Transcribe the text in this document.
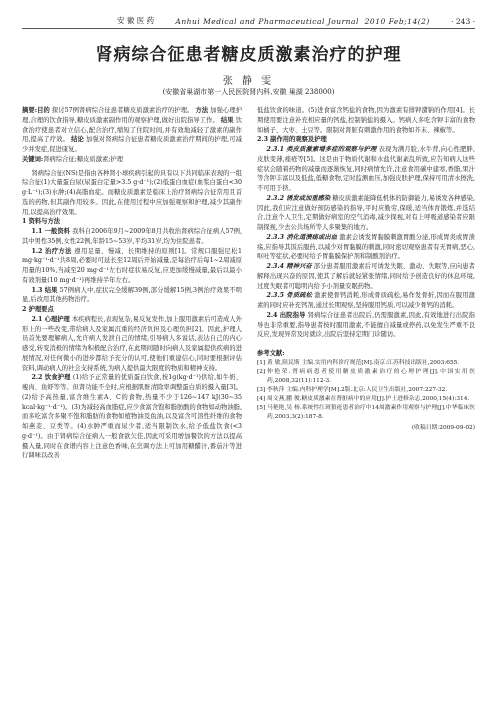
安 徽 医 药	Anhui Medical and Pharmaceutical Journal 2010 Feb;14(2)	· 243 ·
肾病综合征患者糖皮质激素治疗的护理
张 静 雯
(安徽省巢湖市第一人民医院肾内科,安徽 巢湖 238000)

摘要:目的 探讨57例肾病综合征患者糖皮质激素治疗的护理。 方法 加强心理护理,合理的饮食指导,糖皮质激素副作用的观察护理,做好出院指导工作。 结果 饮食治疗使患者对立信心,配合治疗,缩短了住院时间,并有效地减轻了激素的副作用,提高了疗效。 结论 加强对肾病综合征患者糖皮质激素治疗期间的护理,可减少并发症,促进康复。

关键词:肾病综合征;糖皮质激素;护理

肾病综合征(NS)是指由各种肾小球疾病引起的具有以下共同临床表现的一组综合征(1)大量蛋白尿(尿蛋白定量>3.5 g·d⁻¹);(2)低蛋白血症(血浆白蛋白<30 g·L⁻¹);(3)水肿;(4)高脂血症。而糖皮质激素是临床上治疗肾病综合征常用且首选的药物,但其副作用较多。因此,在使用过程中应加强观察和护理,减少其副作用,以提高治疗效果。

1 资料与方法

1.1 一般资料 我科自2006年9月~2009年8月共收治肾病综合征病人57例,其中男性35例,女性22例,年龄15~53岁,平均31岁,均为住院患者。

1.2 治疗方法 遵用足量、慢减、长期维持的原则[1]。常规口服强尼松1 mg·kg⁻¹·d⁻¹共8周,必要时可延长至12周后开始减量,是每治疗后每1~2周减原用量的10%,当减至20 mg·d⁻¹左右时症状易反复,应更加缓慢减量,最后以最小有效剂量(10 mg·d⁻¹)再维持半年左右。

1.3 结果 57例病人中,症状完全缓解39例,部分缓解15例,3例治疗效果不明显,后改用其他药物治疗。

2 护理要点

2.1 心理护理 本疾病程长,表现复杂,易反复发作,加上服用激素后可造成人外形上的一些改变,带给病人及家属沉重的经济负担及心理负担[2]。因此,护理人员首先要理解病人,允许病人发泄自己的情绪,引导病人多说话,表达自己的内心感受,转变消极的情绪为积极配合治疗,在此期间随时向病人及家属提供疾病的进展情况,对任何微小的进步都给予充分的认可,使他们重建信心,同时要根据评估资料,调动病人的社会支持系统,为病人提供最大限度的物质和精神支持。

2.2 饮食护理 (1)给予正常量的优质蛋白饮食,按1g(kg·d⁻¹)供给,如牛奶、瘦肉、鱼虾等等。但肾功能不全时,应根据肌酐清除率调整蛋白质的摄入量[3]。(2)给予高热量,富含维生素A、C的食物,热量不少于126~147 kJ(30~35 kcal·kg⁻¹·d⁻¹)。(3)为减轻高血脂症,应少食富含饱和脂肪酸的食物如动物油脂,而多吃富含多聚不饱和脂肪的食物如植物油及鱼油,以及富含可溶性纤维的食物如燕麦、豆类等。(4)水肿严重而尿少者,适当限制饮水,给予低盐饮食(<3 g·d⁻¹)。由于肾病综合征病人一般食欲欠佳,因此可采用增加餐饮的方法以提高摄入量,同时在食谱内容上注意色香味,在烹调方法上可加用糖醋汁,番茄汁等进行调味以改善

低盐饮食的味道。(5)进食富含钙盐的食物,因为激素有排钾潴钠的作用[4]。长期使用要注意补充相应量的钙盐,控制钠盐的摄入。钙病人多吃含钾丰富的食物如橘子、大枣、土豆等。限制对肾脏有刺激作用的食物如芥末、辣椒等。

2.3 副作用的观察及护理

2.3.1 类皮质激素增多症的观察与护理 表现为满月脸,水牛背,向心性肥胖,皮肤变薄,痤疮等[5]。这是由于物质代谢和水盐代谢紊乱所致,应告知病人这些症状会随着药物的减量而逐渐恢复,同时病情允许,注意食用碳中建寒,香脂,果汁等含钾丰富以及低盐,低糖食物,定时监测血压,加强皮肤护理,保持可用清水擦洗,不可用于挤。

2.3.2 诱发或加重感染 糖皮质激素能降低机体的防御能力,易诱发各种感染,因此,我们应注意做好预防感染的指导,平时应勤劳,保暖,适当体育锻炼,并选结合,注意个人卫生,定期做好病室的空气消毒,减少探视,对有上呼吸道感染者应限制探视,少去公共场所等人多聚集的地方。

2.3.3 消化道溃疡或出血 激素会诱发胃黏膜刺激胃酸分泌,形成胃炎或胃溃疡,应指导其饭后服药,以减少对胃黏膜的刺激,同时密切观察患者有无胃病,恶心,呕吐等症状,必要时给予胃黏膜保护剂和制酸剂治疗。

2.3.4 精神兴奋 部分患者服用激素后可诱发失眠、激动、失眠等,应向患者解释出现兴奋的原因,使其了解后就轻紧张情绪,同时给予创造良好的休息环境,过度失眠者可聪明内给予小剂量安眠药物。

2.3.5 骨质疏松 激素使骨钙消耗,形成骨质疏松,易作发骨折,因而在服用激素的同时应补充钙剂,通过长期观察,坚持服用钙质,可以减少骨钙的消耗。

2.4 出院指导 肾病综合征患者出院后,仍需服激素,因此,有效地进行出院指导也非常重要,指导患者按时服用激素,不能擅自减量或停药,以免发生严重不良反应,发现异常及时就诊,出院后坚持定期门诊随访。

参考文献:

[1] 黄 敏,阻民斯 主编.实用内科诊疗规范[M].南京:江苏科技出版社,2003:655.

[2] 仲艳荣.肾病病患者使用糖皮质激素治疗的心理护理[J].中国实用医药,2008,32(11):112-3.

[3] 李秋萍 主编.内科护理学[M].2版.北京:人民卫生出版社,2007:227-32.

[4] 周文燕,鹏 俊.糖皮质激素在肾脏病中的应用[J].护士进修杂志,2000,15(4):314.

[5] 马艳艳,吴 杨.系统性红斑狼疮患者治疗中14周激素作用观察与护理[J].中华临床医药,2003,3(2):187-8.

(收稿日期:2009-09-02)
